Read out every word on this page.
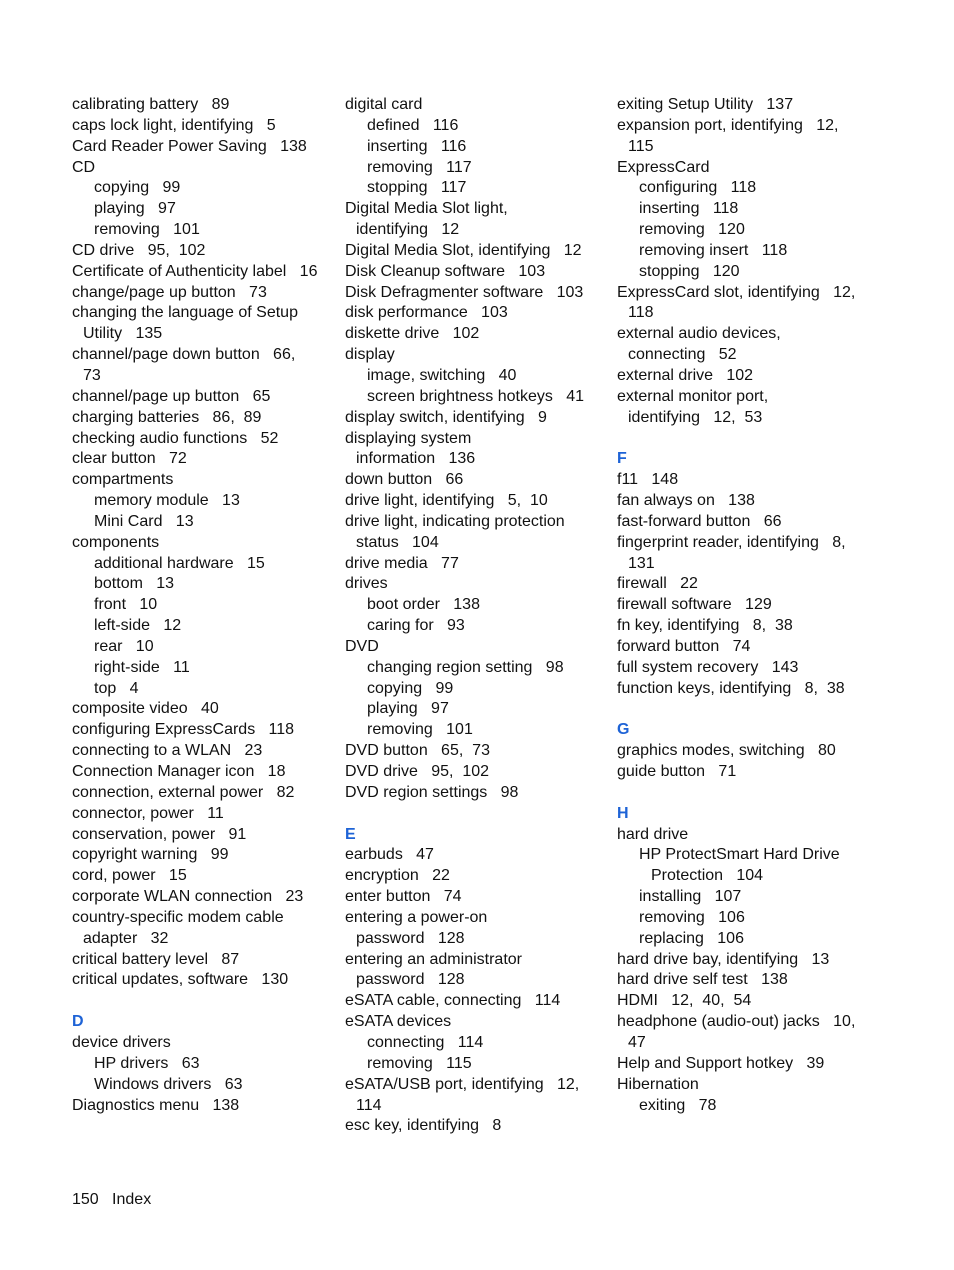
calibrating battery   89
caps lock light, identifying   5
Card Reader Power Saving   138
CD
copying   99
playing   97
removing   101
CD drive   95,  102
Certificate of Authenticity label   16
change/page up button   73
changing the language of Setup
Utility   135
channel/page down button   66,
73
channel/page up button   65
charging batteries   86,  89
checking audio functions   52
clear button   72
compartments
memory module   13
Mini Card   13
components
additional hardware   15
bottom   13
front   10
left-side   12
rear   10
right-side   11
top   4
composite video   40
configuring ExpressCards   118
connecting to a WLAN   23
Connection Manager icon   18
connection, external power   82
connector, power   11
conservation, power   91
copyright warning   99
cord, power   15
corporate WLAN connection   23
country-specific modem cable
adapter   32
critical battery level   87
critical updates, software   130
D
device drivers
HP drivers   63
Windows drivers   63
Diagnostics menu   138
digital card
defined   116
inserting   116
removing   117
stopping   117
Digital Media Slot light,
identifying   12
Digital Media Slot, identifying   12
Disk Cleanup software   103
Disk Defragmenter software   103
disk performance   103
diskette drive   102
display
image, switching   40
screen brightness hotkeys   41
display switch, identifying   9
displaying system
information   136
down button   66
drive light, identifying   5,  10
drive light, indicating protection
status   104
drive media   77
drives
boot order   138
caring for   93
DVD
changing region setting   98
copying   99
playing   97
removing   101
DVD button   65,  73
DVD drive   95,  102
DVD region settings   98
E
earbuds   47
encryption   22
enter button   74
entering a power-on
password   128
entering an administrator
password   128
eSATA cable, connecting   114
eSATA devices
connecting   114
removing   115
eSATA/USB port, identifying   12,
114
esc key, identifying   8
exiting Setup Utility   137
expansion port, identifying   12,
115
ExpressCard
configuring   118
inserting   118
removing   120
removing insert   118
stopping   120
ExpressCard slot, identifying   12,
118
external audio devices,
connecting   52
external drive   102
external monitor port,
identifying   12,  53
F
f11   148
fan always on   138
fast-forward button   66
fingerprint reader, identifying   8,
131
firewall   22
firewall software   129
fn key, identifying   8,  38
forward button   74
full system recovery   143
function keys, identifying   8,  38
G
graphics modes, switching   80
guide button   71
H
hard drive
HP ProtectSmart Hard Drive
Protection   104
installing   107
removing   106
replacing   106
hard drive bay, identifying   13
hard drive self test   138
HDMI   12,  40,  54
headphone (audio-out) jacks   10,
47
Help and Support hotkey   39
Hibernation
exiting   78
150 Index
